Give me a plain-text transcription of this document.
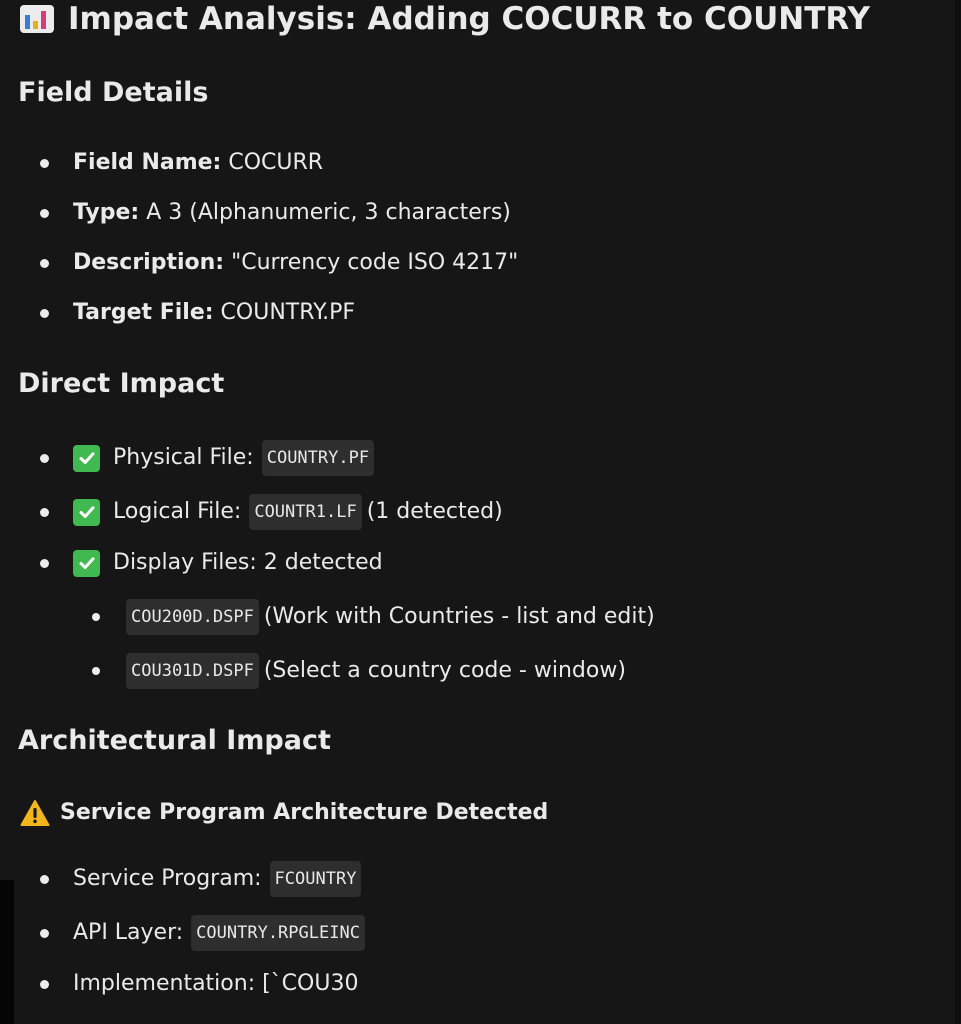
Impact Analysis: Adding COCURR to COUNTRY
Field Details
Field Name:
COCURR
Type:
A 3 (Alphanumeric, 3 characters)
Description:
"Currency code ISO 4217"
Target File:
COUNTRY.PF
Direct Impact
Physical File: COUNTRY.PF
Logical File: COUNTR1.LF (1 detected)
Display Files: 2 detected
COU200D.DSPF (Work with Countries - list and edit)
COU301D.DSPF (Select a country code - window)
Architectural Impact
Service Program Architecture Detected
Service Program: FCOUNTRY
API Layer: COUNTRY.RPGLEINC
Implementation: [`COU30
